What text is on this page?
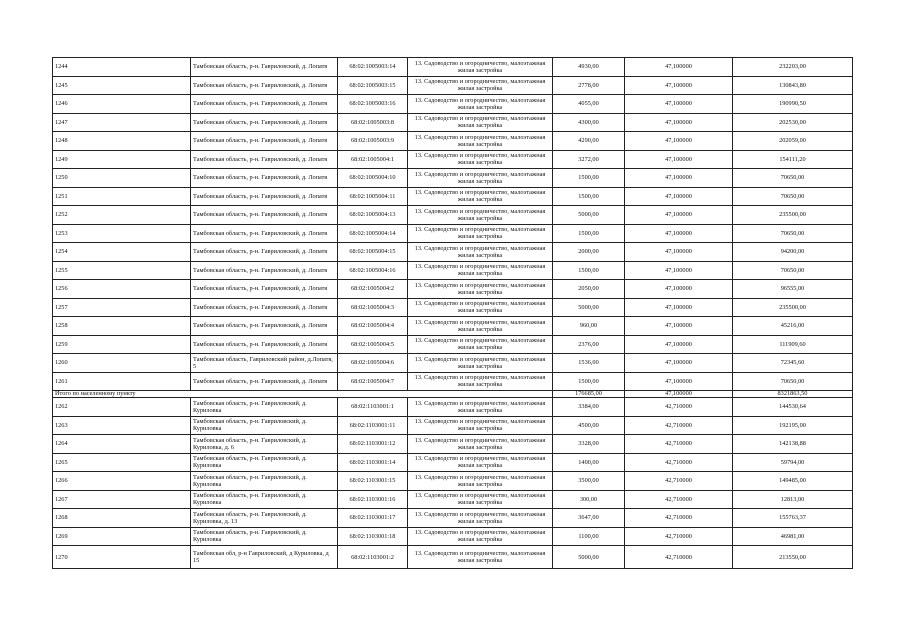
1244	Тамбовская область, р-н. Гавриловский, д. Лопатя	68:02:1005003:14	13. Садоводство и огородничество, малоэтажная жилая застройка	4930,00	47,100000	232203,00
1245	Тамбовская область, р-н. Гавриловский, д. Лопатя	68:02:1005003:15	13. Садоводство и огородничество, малоэтажная жилая застройка	2778,00	47,100000	130843,80
1246	Тамбовская область, р-н. Гавриловский, д. Лопатя	68:02:1005003:16	13. Садоводство и огородничество, малоэтажная жилая застройка	4055,00	47,100000	190990,50
1247	Тамбовская область, р-н. Гавриловский, д. Лопатя	68:02:1005003:8	13. Садоводство и огородничество, малоэтажная жилая застройка	4300,00	47,100000	202530,00
1248	Тамбовская область, р-н. Гавриловский, д. Лопатя	68:02:1005003:9	13. Садоводство и огородничество, малоэтажная жилая застройка	4290,00	47,100000	202059,00
1249	Тамбовская область, р-н. Гавриловский, д. Лопатя	68:02:1005004:1	13. Садоводство и огородничество, малоэтажная жилая застройка	3272,00	47,100000	154111,20
1250	Тамбовская область, р-н. Гавриловский, д. Лопатя	68:02:1005004:10	13. Садоводство и огородничество, малоэтажная жилая застройка	1500,00	47,100000	70650,00
1251	Тамбовская область, р-н. Гавриловский, д. Лопатя	68:02:1005004:11	13. Садоводство и огородничество, малоэтажная жилая застройка	1500,00	47,100000	70650,00
1252	Тамбовская область, р-н. Гавриловский, д. Лопатя	68:02:1005004:13	13. Садоводство и огородничество, малоэтажная жилая застройка	5000,00	47,100000	235500,00
1253	Тамбовская область, р-н. Гавриловский, д. Лопатя	68:02:1005004:14	13. Садоводство и огородничество, малоэтажная жилая застройка	1500,00	47,100000	70650,00
1254	Тамбовская область, р-н. Гавриловский, д. Лопатя	68:02:1005004:15	13. Садоводство и огородничество, малоэтажная жилая застройка	2000,00	47,100000	94200,00
1255	Тамбовская область, р-н. Гавриловский, д. Лопатя	68:02:1005004:16	13. Садоводство и огородничество, малоэтажная жилая застройка	1500,00	47,100000	70650,00
1256	Тамбовская область, р-н. Гавриловский, д. Лопатя	68:02:1005004:2	13. Садоводство и огородничество, малоэтажная жилая застройка	2050,00	47,100000	96555,00
1257	Тамбовская область, р-н. Гавриловский, д. Лопатя	68:02:1005004:3	13. Садоводство и огородничество, малоэтажная жилая застройка	5000,00	47,100000	235500,00
1258	Тамбовская область, р-н. Гавриловский, д. Лопатя	68:02:1005004:4	13. Садоводство и огородничество, малоэтажная жилая застройка	960,00	47,100000	45216,00
1259	Тамбовская область, р-н. Гавриловский, д. Лопатя	68:02:1005004:5	13. Садоводство и огородничество, малоэтажная жилая застройка	2376,00	47,100000	111909,60
1260	Тамбовская область, Гавриловский район, д.Лопатя, 5	68:02:1005004:6	13. Садоводство и огородничество, малоэтажная жилая застройка	1536,00	47,100000	72345,60
1261	Тамбовская область, р-н. Гавриловский, д. Лопатя	68:02:1005004:7	13. Садоводство и огородничество, малоэтажная жилая застройка	1500,00	47,100000	70650,00
Итого по населенному пункту				176685,00	47,100000	8321863,50
1262	Тамбовская область, р-н. Гавриловский, д. Куриловка	68:02:1103001:1	13. Садоводство и огородничество, малоэтажная жилая застройка	3384,00	42,710000	144530,64
1263	Тамбовская область, р-н. Гавриловский, д. Куриловка	68:02:1103001:11	13. Садоводство и огородничество, малоэтажная жилая застройка	4500,00	42,710000	192195,00
1264	Тамбовская область, р-н. Гавриловский, д. Куриловка, д. 6	68:02:1103001:12	13. Садоводство и огородничество, малоэтажная жилая застройка	3328,00	42,710000	142138,88
1265	Тамбовская область, р-н. Гавриловский, д. Куриловка	68:02:1103001:14	13. Садоводство и огородничество, малоэтажная жилая застройка	1400,00	42,710000	59794,00
1266	Тамбовская область, р-н. Гавриловский, д. Куриловка	68:02:1103001:15	13. Садоводство и огородничество, малоэтажная жилая застройка	3500,00	42,710000	149485,00
1267	Тамбовская область, р-н. Гавриловский, д. Куриловка	68:02:1103001:16	13. Садоводство и огородничество, малоэтажная жилая застройка	300,00	42,710000	12813,00
1268	Тамбовская область, р-н. Гавриловский, д. Куриловка, д. 13	68:02:1103001:17	13. Садоводство и огородничество, малоэтажная жилая застройка	3647,00	42,710000	155763,37
1269	Тамбовская область, р-н. Гавриловский, д. Куриловка	68:02:1103001:18	13. Садоводство и огородничество, малоэтажная жилая застройка	1100,00	42,710000	46981,00
1270	Тамбовская обл, р-н Гавриловский, д Куриловка, д 15	68:02:1103001:2	13. Садоводство и огородничество, малоэтажная жилая застройка	5000,00	42,710000	213550,00
